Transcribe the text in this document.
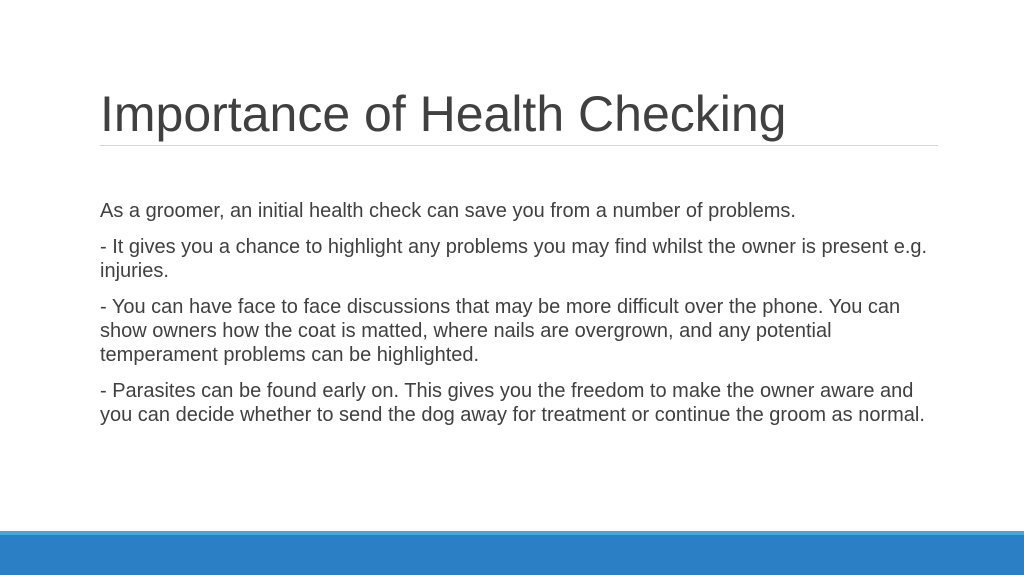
Importance of Health Checking

As a groomer, an initial health check can save you from a number of problems.

- It gives you a chance to highlight any problems you may find whilst the owner is present e.g. injuries.

- You can have face to face discussions that may be more difficult over the phone. You can show owners how the coat is matted, where nails are overgrown, and any potential temperament problems can be highlighted.

- Parasites can be found early on. This gives you the freedom to make the owner aware and you can decide whether to send the dog away for treatment or continue the groom as normal.
